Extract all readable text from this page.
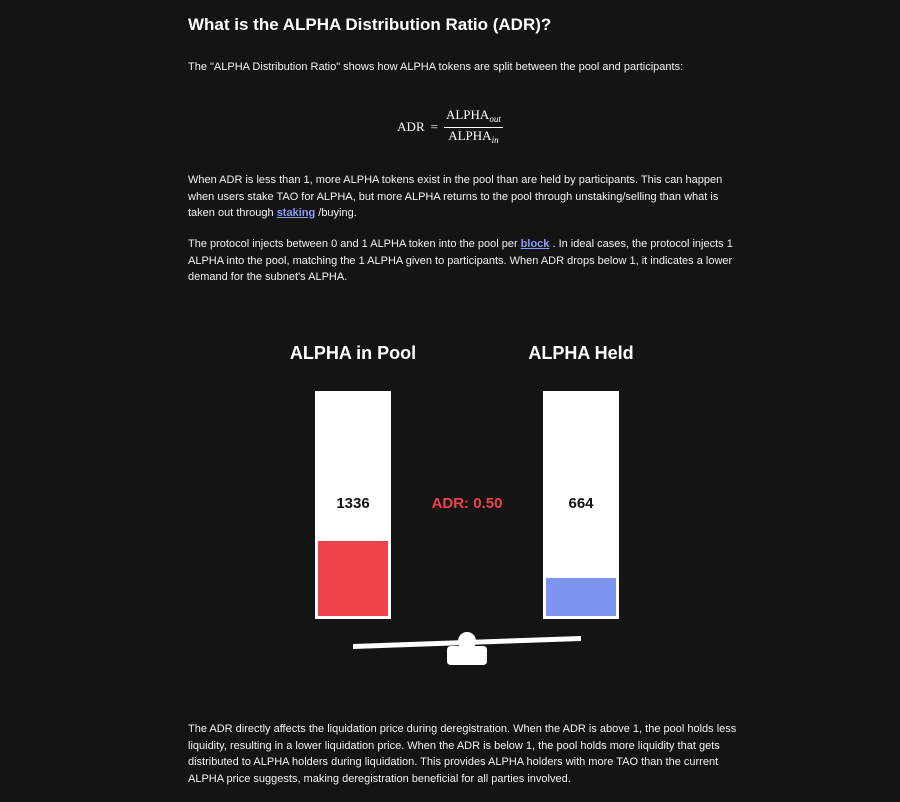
What is the ALPHA Distribution Ratio (ADR)?

The "ALPHA Distribution Ratio" shows how ALPHA tokens are split between the pool and participants:

ADR = $\frac{ALPHA_{out}}{ALPHA_{in}}$

When ADR is less than 1, more ALPHA tokens exist in the pool than are held by participants. This can happen when users stake TAO for ALPHA, but more ALPHA returns to the pool through unstaking/selling than what is taken out through staking /buying.

The protocol injects between 0 and 1 ALPHA token into the pool per block . In ideal cases, the protocol injects 1 ALPHA into the pool, matching the 1 ALPHA given to participants. When ADR drops below 1, it indicates a lower demand for the subnet's ALPHA.

ALPHA in Pool	ALPHA Held
1336	ADR: 0.50	664

The ADR directly affects the liquidation price during deregistration. When the ADR is above 1, the pool holds less liquidity, resulting in a lower liquidation price. When the ADR is below 1, the pool holds more liquidity that gets distributed to ALPHA holders during liquidation. This provides ALPHA holders with more TAO than the current ALPHA price suggests, making deregistration beneficial for all parties involved.
